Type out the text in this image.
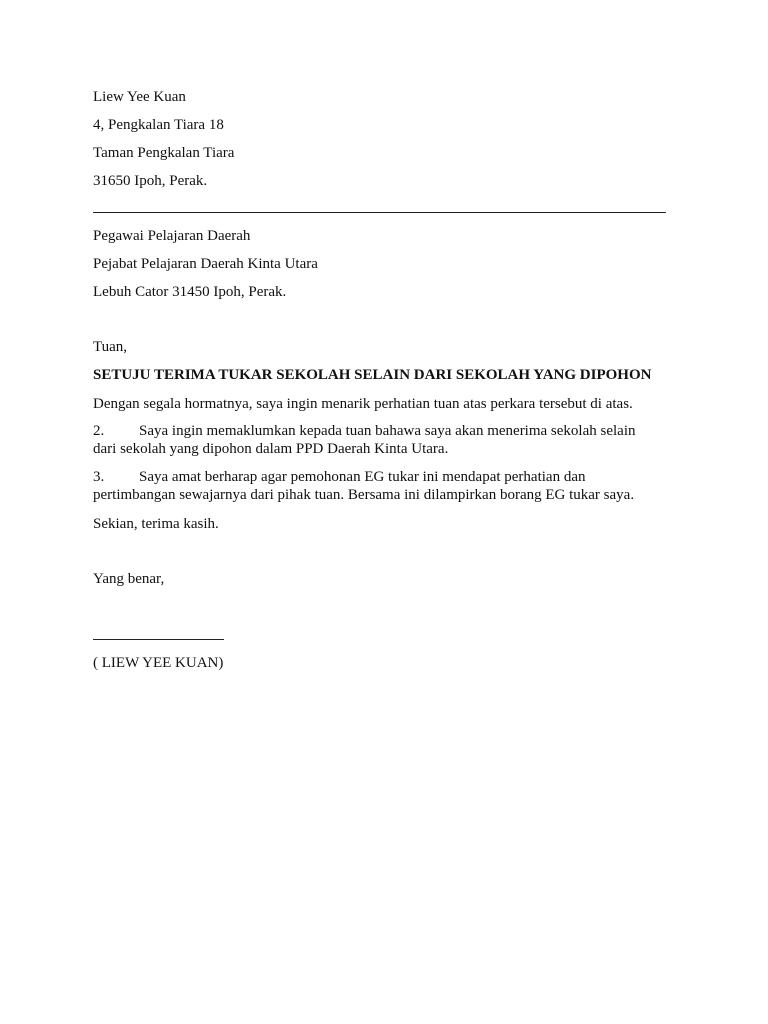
Liew Yee Kuan
4, Pengkalan Tiara 18
Taman Pengkalan Tiara
31650 Ipoh, Perak.
Pegawai Pelajaran Daerah
Pejabat Pelajaran Daerah Kinta Utara
Lebuh Cator 31450 Ipoh, Perak.
Tuan,
SETUJU TERIMA TUKAR SEKOLAH SELAIN DARI SEKOLAH YANG DIPOHON
Dengan segala hormatnya, saya ingin menarik perhatian tuan atas perkara tersebut di atas.
2. Saya ingin memaklumkan kepada tuan bahawa saya akan menerima sekolah selain
dari sekolah yang dipohon dalam PPD Daerah Kinta Utara.
3. Saya amat berharap agar pemohonan EG tukar ini mendapat perhatian dan
pertimbangan sewajarnya dari pihak tuan. Bersama ini dilampirkan borang EG tukar saya.
Sekian, terima kasih.
Yang benar,
( LIEW YEE KUAN)
